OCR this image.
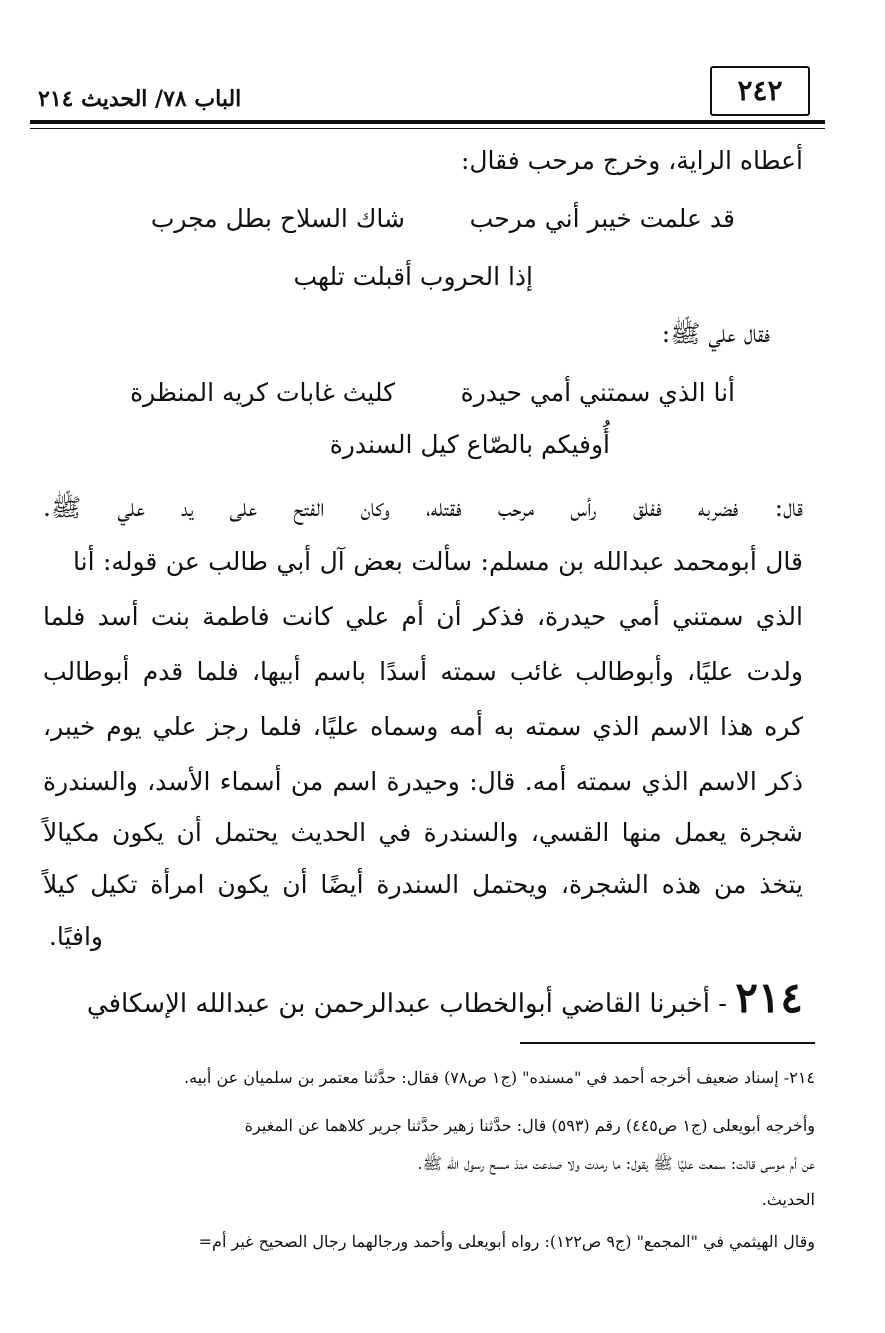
٢٤٢
الباب ٧٨/ الحديث ٢١٤
أعطاه الراية، وخرج مرحب فقال:
قد علمت خيبر أني مرحب
شاك السلاح بطل مجرب
إذا الحروب أقبلت تلهب
فقال علي ﷺ:
أنا الذي سمتني أمي حيدرة
كليث غابات كريه المنظرة
أُوفيكم بالصّاع كيل السندرة
قال: فضربه ففلق رأس مرحب فقتله، وكان الفتح على يد علي ﷺ.
قال أبومحمد عبدالله بن مسلم: سألت بعض آل أبي طالب عن قوله: أنا
الذي سمتني أمي حيدرة، فذكر أن أم علي كانت فاطمة بنت أسد فلما
ولدت عليًا، وأبوطالب غائب سمته أسدًا باسم أبيها، فلما قدم أبوطالب
كره هذا الاسم الذي سمته به أمه وسماه عليًا، فلما رجز علي يوم خيبر،
ذكر الاسم الذي سمته أمه. قال: وحيدرة اسم من أسماء الأسد، والسندرة
شجرة يعمل منها القسي، والسندرة في الحديث يحتمل أن يكون مكيالاً
يتخذ من هذه الشجرة، ويحتمل السندرة أيضًا أن يكون امرأة تكيل كيلاً
وافيًا.
٢١٤ - أخبرنا القاضي أبوالخطاب عبدالرحمن بن عبدالله الإسكافي
٢١٤- إسناد ضعيف أخرجه أحمد في "مسنده" (ج١ ص٧٨) فقال: حدَّثنا معتمر بن سلميان عن أبيه.
وأخرجه أبويعلى (ج١ ص٤٤٥) رقم (٥٩٣) قال: حدَّثنا زهير حدَّثنا جرير كلاهما عن المغيرة
عن أم موسى قالت: سمعت عليًا ﷺ يقول: ما رمدت ولا صدعت منذ مسح رسول الله ﷺ.
الحديث.
وقال الهيثمي في "المجمع" (ج٩ ص١٢٢): رواه أبويعلى وأحمد ورجالهما رجال الصحيح غير أم=
